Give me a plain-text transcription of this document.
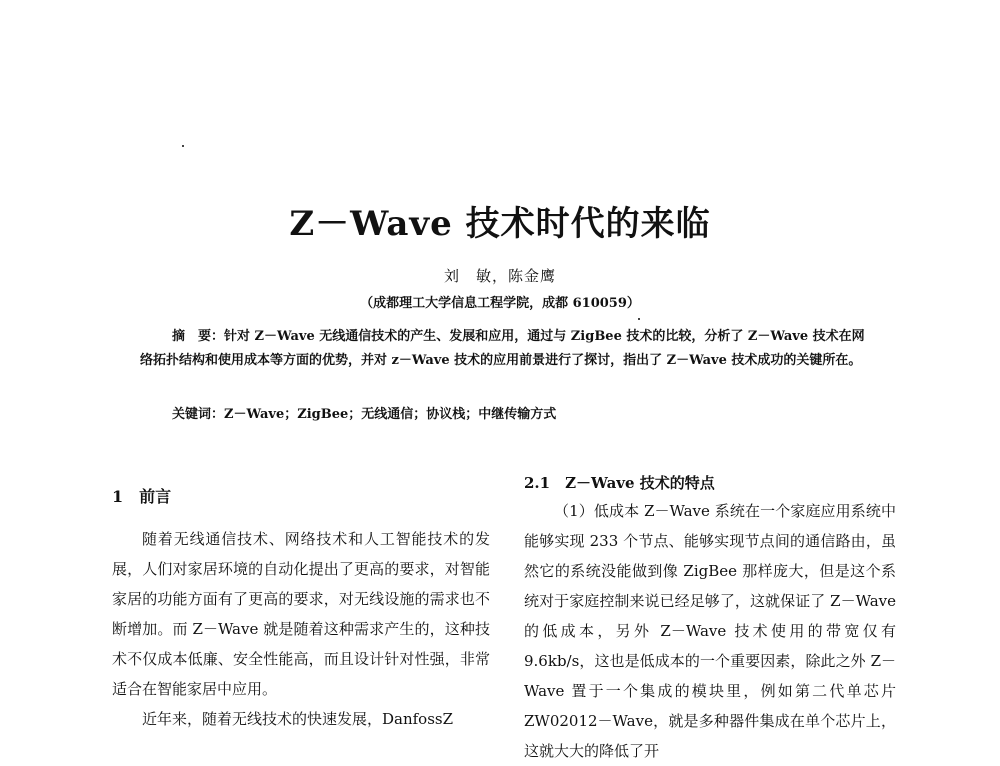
Z－Wave 技术时代的来临
刘　敏，陈金鹰
（成都理工大学信息工程学院，成都 610059）
摘　要：针对 Z－Wave 无线通信技术的产生、发展和应用，通过与 ZigBee 技术的比较，分析了 Z－Wave 技术在网络拓扑结构和使用成本等方面的优势，并对 z－Wave 技术的应用前景进行了探讨，指出了 Z－Wave 技术成功的关键所在。
关键词：Z－Wave；ZigBee；无线通信；协议栈；中继传输方式
1　前言

随着无线通信技术、网络技术和人工智能技术的发展，人们对家居环境的自动化提出了更高的要求，对智能家居的功能方面有了更高的要求，对无线设施的需求也不断增加。而 Z－Wave 就是随着这种需求产生的，这种技术不仅成本低廉、安全性能高，而且设计针对性强，非常适合在智能家居中应用。

近年来，随着无线技术的快速发展，DanfossZ

2.1　Z－Wave 技术的特点

（1）低成本 Z－Wave 系统在一个家庭应用系统中能够实现 233 个节点、能够实现节点间的通信路由，虽然它的系统没能做到像 ZigBee 那样庞大，但是这个系统对于家庭控制来说已经足够了，这就保证了 Z－Wave 的低成本，另外 Z－Wave 技术使用的带宽仅有 9.6kb/s，这也是低成本的一个重要因素，除此之外 Z－Wave 置于一个集成的模块里，例如第二代单芯片 ZW02012－Wave，就是多种器件集成在单个芯片上，这就大大的降低了开
